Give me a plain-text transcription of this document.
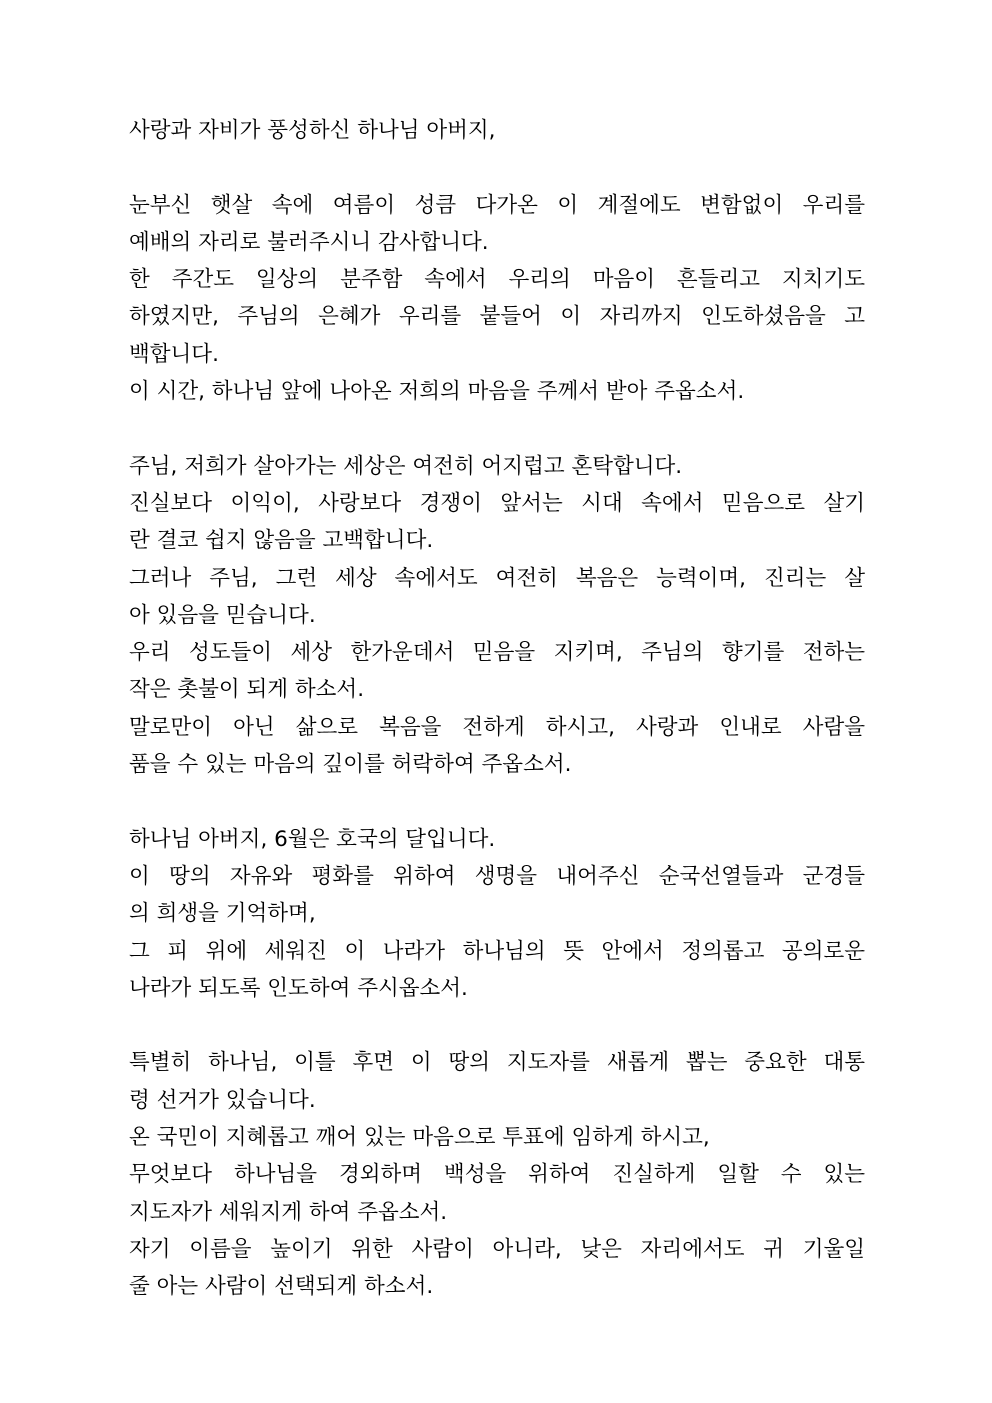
사랑과 자비가 풍성하신 하나님 아버지,
눈부신 햇살 속에 여름이 성큼 다가온 이 계절에도 변함없이 우리를
예배의 자리로 불러주시니 감사합니다.
한 주간도 일상의 분주함 속에서 우리의 마음이 흔들리고 지치기도
하였지만, 주님의 은혜가 우리를 붙들어 이 자리까지 인도하셨음을 고
백합니다.
이 시간, 하나님 앞에 나아온 저희의 마음을 주께서 받아 주옵소서.
주님, 저희가 살아가는 세상은 여전히 어지럽고 혼탁합니다.
진실보다 이익이, 사랑보다 경쟁이 앞서는 시대 속에서 믿음으로 살기
란 결코 쉽지 않음을 고백합니다.
그러나 주님, 그런 세상 속에서도 여전히 복음은 능력이며, 진리는 살
아 있음을 믿습니다.
우리 성도들이 세상 한가운데서 믿음을 지키며, 주님의 향기를 전하는
작은 촛불이 되게 하소서.
말로만이 아닌 삶으로 복음을 전하게 하시고, 사랑과 인내로 사람을
품을 수 있는 마음의 깊이를 허락하여 주옵소서.
하나님 아버지, 6월은 호국의 달입니다.
이 땅의 자유와 평화를 위하여 생명을 내어주신 순국선열들과 군경들
의 희생을 기억하며,
그 피 위에 세워진 이 나라가 하나님의 뜻 안에서 정의롭고 공의로운
나라가 되도록 인도하여 주시옵소서.
특별히 하나님, 이틀 후면 이 땅의 지도자를 새롭게 뽑는 중요한 대통
령 선거가 있습니다.
온 국민이 지혜롭고 깨어 있는 마음으로 투표에 임하게 하시고,
무엇보다 하나님을 경외하며 백성을 위하여 진실하게 일할 수 있는
지도자가 세워지게 하여 주옵소서.
자기 이름을 높이기 위한 사람이 아니라, 낮은 자리에서도 귀 기울일
줄 아는 사람이 선택되게 하소서.
